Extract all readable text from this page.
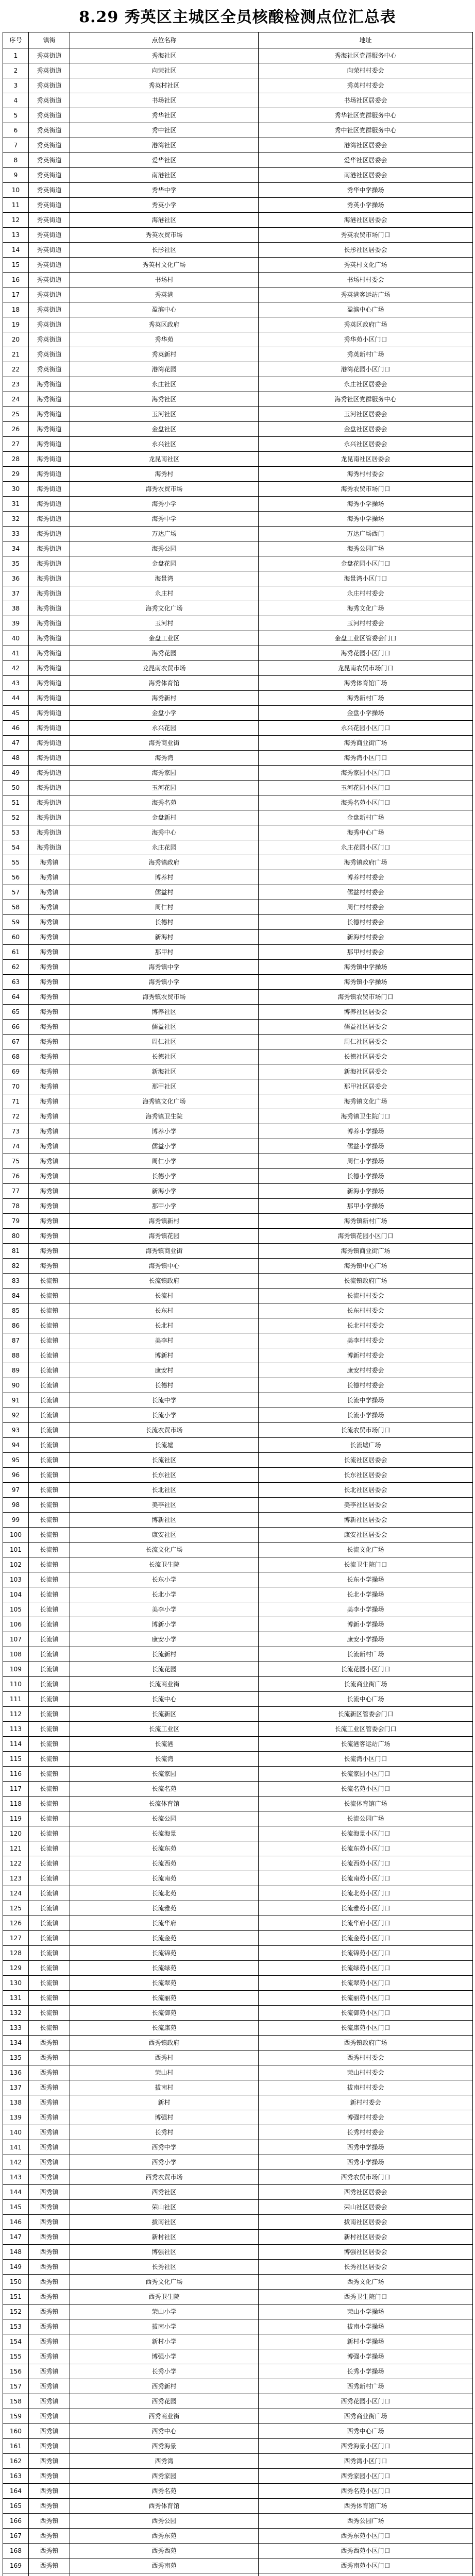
8.29 秀英区主城区全员核酸检测点位汇总表
序号	镇街	点位名称	地址
1	秀英街道	秀海社区	秀海社区党群服务中心
2	秀英街道	向荣社区	向荣村村委会
3	秀英街道	秀英村社区	秀英村村委会
4	秀英街道	书场社区	书场社区居委会
5	秀英街道	秀华社区	秀华社区党群服务中心
6	秀英街道	秀中社区	秀中社区党群服务中心
7	秀英街道	港湾社区	港湾社区居委会
8	秀英街道	爱华社区	爱华社区居委会
9	秀英街道	南港社区	南港社区居委会
10	秀英街道	秀华中学	秀华中学操场
11	秀英街道	秀英小学	秀英小学操场
12	秀英街道	海港社区	海港社区居委会
13	秀英街道	秀英农贸市场	秀英农贸市场门口
14	秀英街道	长彤社区	长彤社区居委会
15	秀英街道	秀英村文化广场	秀英村文化广场
16	秀英街道	书场村	书场村村委会
17	秀英街道	秀英港	秀英港客运站广场
18	秀英街道	盈滨中心	盈滨中心广场
19	秀英街道	秀英区政府	秀英区政府广场
20	秀英街道	秀华苑	秀华苑小区门口
21	秀英街道	秀英新村	秀英新村广场
22	秀英街道	港湾花园	港湾花园小区门口
23	海秀街道	永庄社区	永庄社区居委会
24	海秀街道	海秀社区	海秀社区党群服务中心
25	海秀街道	玉河社区	玉河社区居委会
26	海秀街道	金盘社区	金盘社区居委会
27	海秀街道	永兴社区	永兴社区居委会
28	海秀街道	龙昆南社区	龙昆南社区居委会
29	海秀街道	海秀村	海秀村村委会
30	海秀街道	海秀农贸市场	海秀农贸市场门口
31	海秀街道	海秀小学	海秀小学操场
32	海秀街道	海秀中学	海秀中学操场
33	海秀街道	万达广场	万达广场西门
34	海秀街道	海秀公园	海秀公园广场
35	海秀街道	金盘花园	金盘花园小区门口
36	海秀街道	海景湾	海景湾小区门口
37	海秀街道	永庄村	永庄村村委会
38	海秀街道	海秀文化广场	海秀文化广场
39	海秀街道	玉河村	玉河村村委会
40	海秀街道	金盘工业区	金盘工业区管委会门口
41	海秀街道	海秀花园	海秀花园小区门口
42	海秀街道	龙昆南农贸市场	龙昆南农贸市场门口
43	海秀街道	海秀体育馆	海秀体育馆广场
44	海秀街道	海秀新村	海秀新村广场
45	海秀街道	金盘小学	金盘小学操场
46	海秀街道	永兴花园	永兴花园小区门口
47	海秀街道	海秀商业街	海秀商业街广场
48	海秀街道	海秀湾	海秀湾小区门口
49	海秀街道	海秀家园	海秀家园小区门口
50	海秀街道	玉河花园	玉河花园小区门口
51	海秀街道	海秀名苑	海秀名苑小区门口
52	海秀街道	金盘新村	金盘新村广场
53	海秀街道	海秀中心	海秀中心广场
54	海秀街道	永庄花园	永庄花园小区门口
55	海秀镇	海秀镇政府	海秀镇政府广场
56	海秀镇	博养村	博养村村委会
57	海秀镇	儒益村	儒益村村委会
58	海秀镇	周仁村	周仁村村委会
59	海秀镇	长德村	长德村村委会
60	海秀镇	新海村	新海村村委会
61	海秀镇	那甲村	那甲村村委会
62	海秀镇	海秀镇中学	海秀镇中学操场
63	海秀镇	海秀镇小学	海秀镇小学操场
64	海秀镇	海秀镇农贸市场	海秀镇农贸市场门口
65	海秀镇	博养社区	博养社区居委会
66	海秀镇	儒益社区	儒益社区居委会
67	海秀镇	周仁社区	周仁社区居委会
68	海秀镇	长德社区	长德社区居委会
69	海秀镇	新海社区	新海社区居委会
70	海秀镇	那甲社区	那甲社区居委会
71	海秀镇	海秀镇文化广场	海秀镇文化广场
72	海秀镇	海秀镇卫生院	海秀镇卫生院门口
73	海秀镇	博养小学	博养小学操场
74	海秀镇	儒益小学	儒益小学操场
75	海秀镇	周仁小学	周仁小学操场
76	海秀镇	长德小学	长德小学操场
77	海秀镇	新海小学	新海小学操场
78	海秀镇	那甲小学	那甲小学操场
79	海秀镇	海秀镇新村	海秀镇新村广场
80	海秀镇	海秀镇花园	海秀镇花园小区门口
81	海秀镇	海秀镇商业街	海秀镇商业街广场
82	海秀镇	海秀镇中心	海秀镇中心广场
83	长流镇	长流镇政府	长流镇政府广场
84	长流镇	长流村	长流村村委会
85	长流镇	长东村	长东村村委会
86	长流镇	长北村	长北村村委会
87	长流镇	美李村	美李村村委会
88	长流镇	博新村	博新村村委会
89	长流镇	康安村	康安村村委会
90	长流镇	长德村	长德村村委会
91	长流镇	长流中学	长流中学操场
92	长流镇	长流小学	长流小学操场
93	长流镇	长流农贸市场	长流农贸市场门口
94	长流镇	长流墟	长流墟广场
95	长流镇	长流社区	长流社区居委会
96	长流镇	长东社区	长东社区居委会
97	长流镇	长北社区	长北社区居委会
98	长流镇	美李社区	美李社区居委会
99	长流镇	博新社区	博新社区居委会
100	长流镇	康安社区	康安社区居委会
101	长流镇	长流文化广场	长流文化广场
102	长流镇	长流卫生院	长流卫生院门口
103	长流镇	长东小学	长东小学操场
104	长流镇	长北小学	长北小学操场
105	长流镇	美李小学	美李小学操场
106	长流镇	博新小学	博新小学操场
107	长流镇	康安小学	康安小学操场
108	长流镇	长流新村	长流新村广场
109	长流镇	长流花园	长流花园小区门口
110	长流镇	长流商业街	长流商业街广场
111	长流镇	长流中心	长流中心广场
112	长流镇	长流新区	长流新区管委会门口
113	长流镇	长流工业区	长流工业区管委会门口
114	长流镇	长流港	长流港客运站广场
115	长流镇	长流湾	长流湾小区门口
116	长流镇	长流家园	长流家园小区门口
117	长流镇	长流名苑	长流名苑小区门口
118	长流镇	长流体育馆	长流体育馆广场
119	长流镇	长流公园	长流公园广场
120	长流镇	长流海景	长流海景小区门口
121	长流镇	长流东苑	长流东苑小区门口
122	长流镇	长流西苑	长流西苑小区门口
123	长流镇	长流南苑	长流南苑小区门口
124	长流镇	长流北苑	长流北苑小区门口
125	长流镇	长流雅苑	长流雅苑小区门口
126	长流镇	长流华府	长流华府小区门口
127	长流镇	长流金苑	长流金苑小区门口
128	长流镇	长流锦苑	长流锦苑小区门口
129	长流镇	长流绿苑	长流绿苑小区门口
130	长流镇	长流翠苑	长流翠苑小区门口
131	长流镇	长流丽苑	长流丽苑小区门口
132	长流镇	长流御苑	长流御苑小区门口
133	长流镇	长流康苑	长流康苑小区门口
134	西秀镇	西秀镇政府	西秀镇政府广场
135	西秀镇	西秀村	西秀村村委会
136	西秀镇	荣山村	荣山村村委会
137	西秀镇	拔南村	拔南村村委会
138	西秀镇	新村	新村村委会
139	西秀镇	博强村	博强村村委会
140	西秀镇	长秀村	长秀村村委会
141	西秀镇	西秀中学	西秀中学操场
142	西秀镇	西秀小学	西秀小学操场
143	西秀镇	西秀农贸市场	西秀农贸市场门口
144	西秀镇	西秀社区	西秀社区居委会
145	西秀镇	荣山社区	荣山社区居委会
146	西秀镇	拔南社区	拔南社区居委会
147	西秀镇	新村社区	新村社区居委会
148	西秀镇	博强社区	博强社区居委会
149	西秀镇	长秀社区	长秀社区居委会
150	西秀镇	西秀文化广场	西秀文化广场
151	西秀镇	西秀卫生院	西秀卫生院门口
152	西秀镇	荣山小学	荣山小学操场
153	西秀镇	拔南小学	拔南小学操场
154	西秀镇	新村小学	新村小学操场
155	西秀镇	博强小学	博强小学操场
156	西秀镇	长秀小学	长秀小学操场
157	西秀镇	西秀新村	西秀新村广场
158	西秀镇	西秀花园	西秀花园小区门口
159	西秀镇	西秀商业街	西秀商业街广场
160	西秀镇	西秀中心	西秀中心广场
161	西秀镇	西秀海景	西秀海景小区门口
162	西秀镇	西秀湾	西秀湾小区门口
163	西秀镇	西秀家园	西秀家园小区门口
164	西秀镇	西秀名苑	西秀名苑小区门口
165	西秀镇	西秀体育馆	西秀体育馆广场
166	西秀镇	西秀公园	西秀公园广场
167	西秀镇	西秀东苑	西秀东苑小区门口
168	西秀镇	西秀西苑	西秀西苑小区门口
169	西秀镇	西秀南苑	西秀南苑小区门口
